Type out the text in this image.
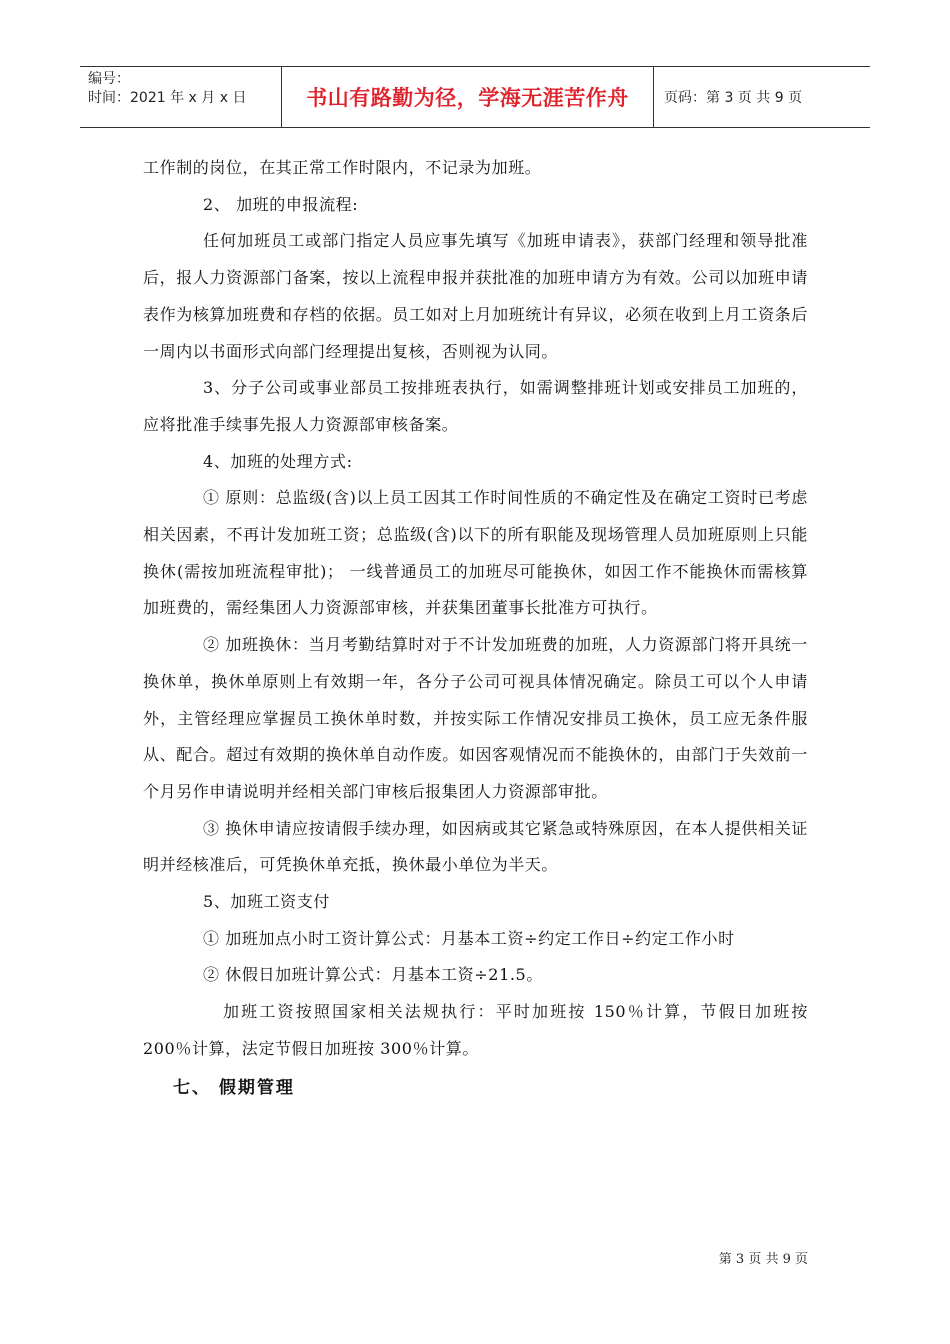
编号：
时间：2021 年 x 月 x 日	书山有路勤为径，学海无涯苦作舟	页码：第 3 页 共 9 页

工作制的岗位，在其正常工作时限内，不记录为加班。

2、 加班的申报流程:

任何加班员工或部门指定人员应事先填写《加班申请表》，获部门经理和领导批准后，报人力资源部门备案，按以上流程申报并获批准的加班申请方为有效。公司以加班申请表作为核算加班费和存档的依据。员工如对上月加班统计有异议，必须在收到上月工资条后一周内以书面形式向部门经理提出复核，否则视为认同。

3、分子公司或事业部员工按排班表执行，如需调整排班计划或安排员工加班的，应将批准手续事先报人力资源部审核备案。

4、加班的处理方式:

① 原则：总监级(含)以上员工因其工作时间性质的不确定性及在确定工资时已考虑相关因素，不再计发加班工资；总监级(含)以下的所有职能及现场管理人员加班原则上只能换休(需按加班流程审批)； 一线普通员工的加班尽可能换休，如因工作不能换休而需核算加班费的，需经集团人力资源部审核，并获集团董事长批准方可执行。

② 加班换休：当月考勤结算时对于不计发加班费的加班，人力资源部门将开具统一换休单，换休单原则上有效期一年，各分子公司可视具体情况确定。除员工可以个人申请外，主管经理应掌握员工换休单时数，并按实际工作情况安排员工换休，员工应无条件服从、配合。超过有效期的换休单自动作废。如因客观情况而不能换休的，由部门于失效前一个月另作申请说明并经相关部门审核后报集团人力资源部审批。

③ 换休申请应按请假手续办理，如因病或其它紧急或特殊原因，在本人提供相关证明并经核准后，可凭换休单充抵，换休最小单位为半天。

5、加班工资支付

① 加班加点小时工资计算公式：月基本工资÷约定工作日÷约定工作小时

② 休假日加班计算公式：月基本工资÷21.5。

加班工资按照国家相关法规执行：平时加班按 150％计算，节假日加班按 200％计算，法定节假日加班按 300％计算。

七、 假期管理

第 3 页 共 9 页
